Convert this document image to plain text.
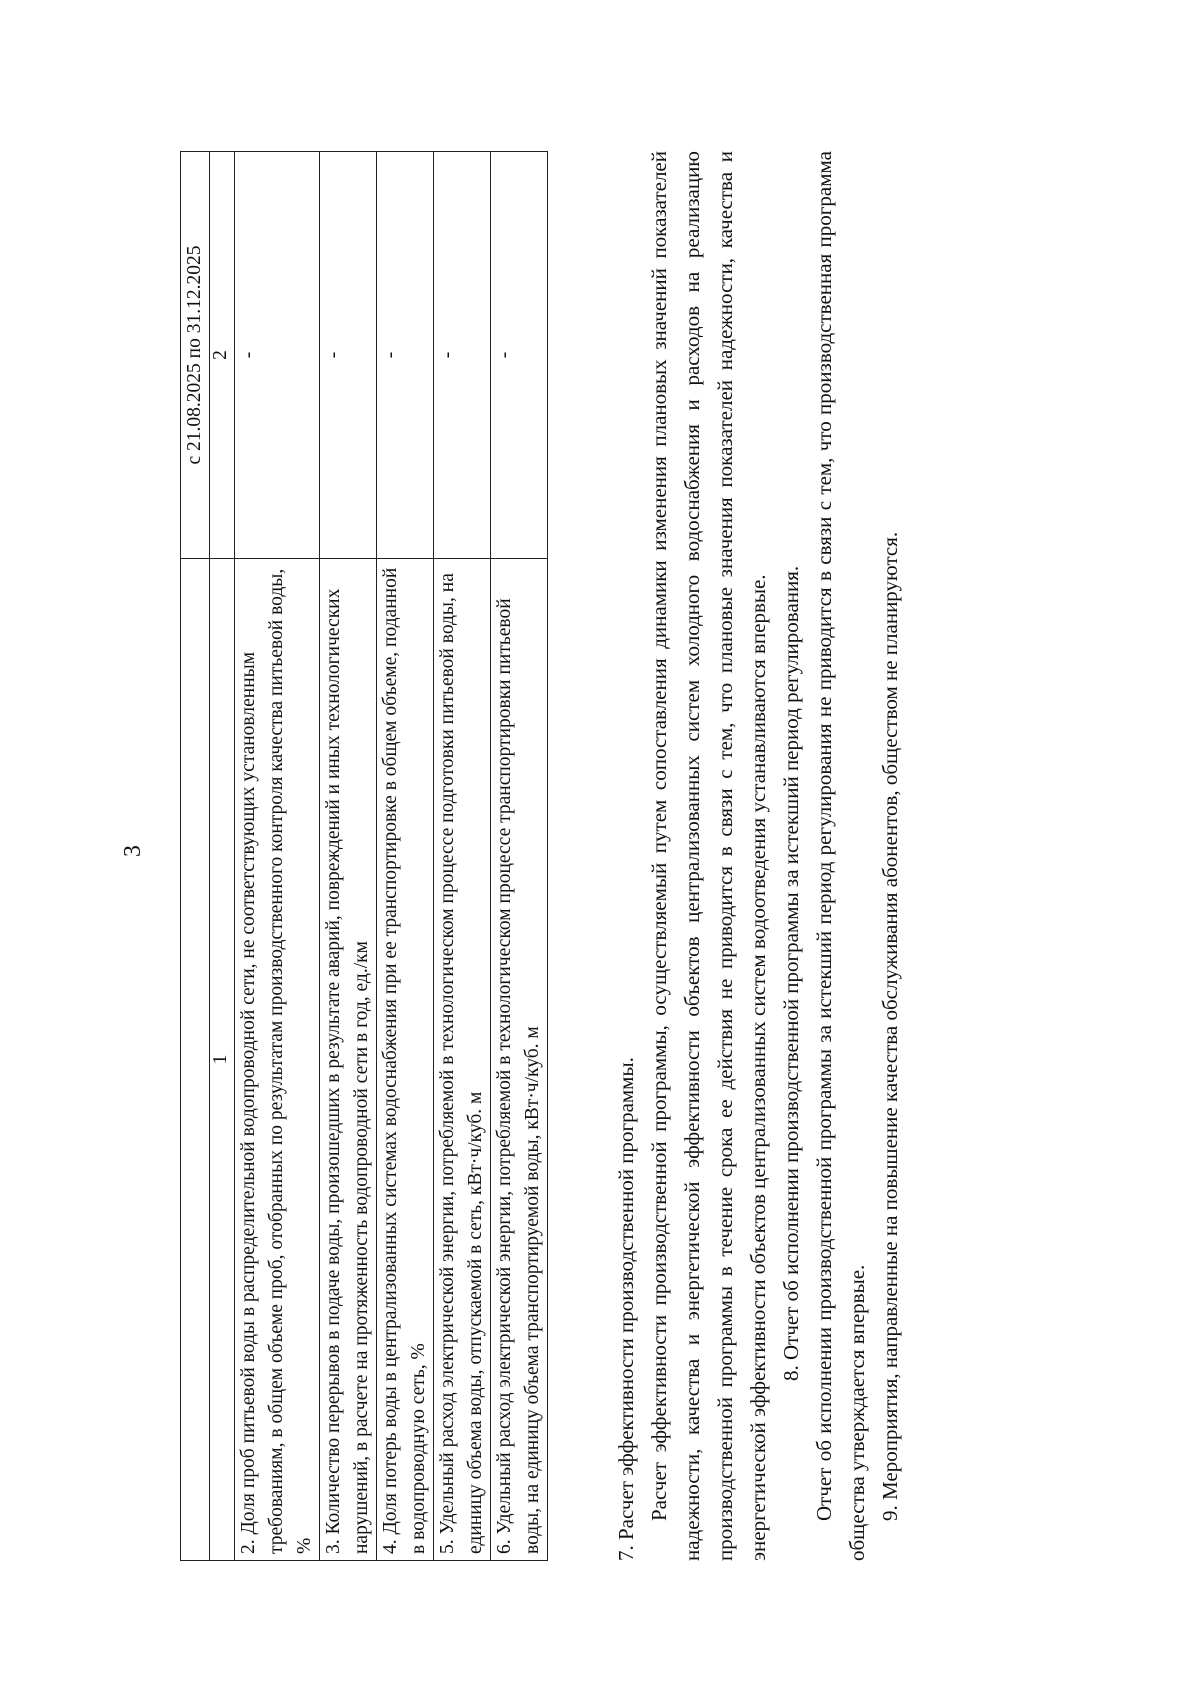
3
	с 21.08.2025 по 31.12.2025
1	2
2. Доля проб питьевой воды в распределительной водопроводной сети, не соответствующих установленным требованиям, в общем объеме проб, отобранных по результатам производственного контроля качества питьевой воды, %	-
3. Количество перерывов в подаче воды, произошедших в результате аварий, повреждений и иных технологических нарушений, в расчете на протяженность водопроводной сети в год, ед./км	-
4. Доля потерь воды в централизованных системах водоснабжения при ее транспортировке в общем объеме, поданной в водопроводную сеть, %	-
5. Удельный расход электрической энергии, потребляемой в технологическом процессе подготовки питьевой воды, на единицу объема воды, отпускаемой в сеть, кВт·ч/куб. м	-
6. Удельный расход электрической энергии, потребляемой в технологическом процессе транспортировки питьевой воды, на единицу объема транспортируемой воды, кВт·ч/куб. м	-

7. Расчет эффективности производственной программы. Расчет эффективности производственной программы, осуществляемый путем сопоставления динамики изменения плановых значений показателей надежности, качества и энергетической эффективности объектов централизованных систем холодного водоснабжения и расходов на реализацию производственной программы в течение срока ее действия не приводится в связи с тем, что плановые значения показателей надежности, качества и энергетической эффективности объектов централизованных систем водоотведения устанавливаются впервые. 8. Отчет об исполнении производственной программы за истекший период регулирования. Отчет об исполнении производственной программы за истекший период регулирования не приводится в связи с тем, что производственная программа общества утверждается впервые. 9. Мероприятия, направленные на повышение качества обслуживания абонентов, обществом не планируются.
